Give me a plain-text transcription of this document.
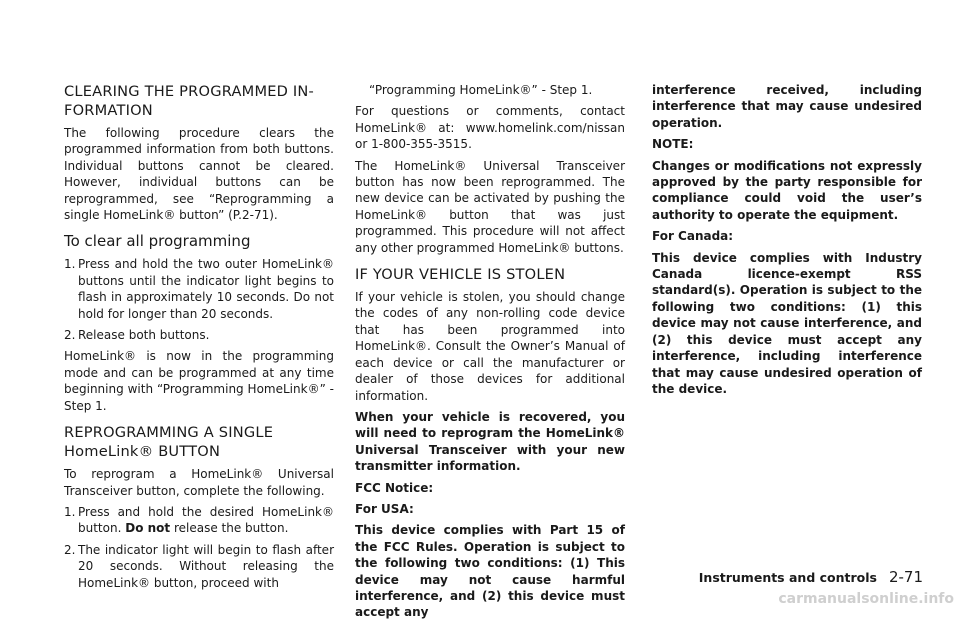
CLEARING THE PROGRAMMED IN-
FORMATION
The following procedure clears the programmed information from both buttons. Individual buttons cannot be cleared. However, individual buttons can be reprogrammed, see “Reprogramming a single HomeLink® button” (P.2-71).
To clear all programming
1. Press and hold the two outer HomeLink® buttons until the indicator light begins to flash in approximately 10 seconds. Do not hold for longer than 20 seconds.
2. Release both buttons.
HomeLink® is now in the programming mode and can be programmed at any time beginning with “Programming HomeLink®” - Step 1.
REPROGRAMMING A SINGLE
HomeLink® BUTTON
To reprogram a HomeLink® Universal Transceiver button, complete the following.
1. Press and hold the desired HomeLink® button. Do not release the button.
2. The indicator light will begin to flash after 20 seconds. Without releasing the HomeLink® button, proceed with
“Programming HomeLink®” - Step 1.
For questions or comments, contact HomeLink® at: www.homelink.com/nissan or 1-800-355-3515.
The HomeLink® Universal Transceiver button has now been reprogrammed. The new device can be activated by pushing the HomeLink® button that was just programmed. This procedure will not affect any other programmed HomeLink® buttons.
IF YOUR VEHICLE IS STOLEN
If your vehicle is stolen, you should change the codes of any non-rolling code device that has been programmed into HomeLink®. Consult the Owner’s Manual of each device or call the manufacturer or dealer of those devices for additional information.
When your vehicle is recovered, you will need to reprogram the HomeLink® Universal Transceiver with your new transmitter information.
FCC Notice:
For USA:
This device complies with Part 15 of the FCC Rules. Operation is subject to the following two conditions: (1) This device may not cause harmful interference, and (2) this device must accept any
interference received, including interference that may cause undesired operation.
NOTE:
Changes or modifications not expressly approved by the party responsible for compliance could void the user’s authority to operate the equipment.
For Canada:
This device complies with Industry Canada licence-exempt RSS standard(s). Operation is subject to the following two conditions: (1) this device may not cause interference, and (2) this device must accept any interference, including interference that may cause undesired operation of the device.
Instruments and controls 2-71
carmanualsonline.info
